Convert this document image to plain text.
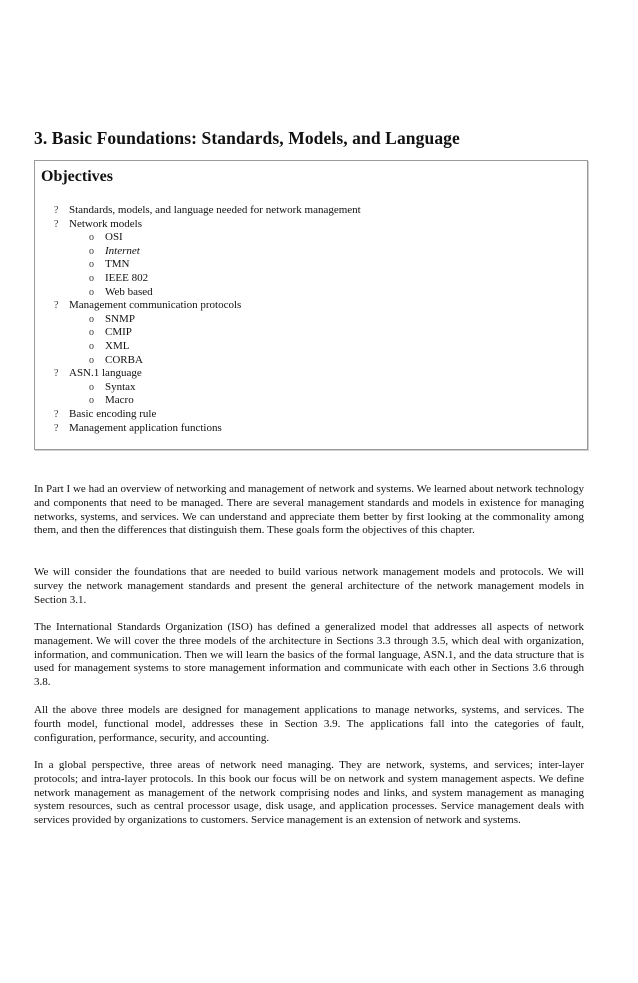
3. Basic Foundations: Standards, Models, and Language
Objectives
? Standards, models, and language needed for network management
? Network models
o OSI
o Internet
o TMN
o IEEE 802
o Web based
? Management communication protocols
o SNMP
o CMIP
o XML
o CORBA
? ASN.1 language
o Syntax
o Macro
? Basic encoding rule
? Management application functions

In Part I we had an overview of networking and management of network and systems. We learned about network technology and components that need to be managed. There are several management standards and models in existence for managing networks, systems, and services. We can understand and appreciate them better by first looking at the commonality among them, and then the differences that distinguish them. These goals form the objectives of this chapter.

We will consider the foundations that are needed to build various network management models and protocols. We will survey the network management standards and present the general architecture of the network management models in Section 3.1.

The International Standards Organization (ISO) has defined a generalized model that addresses all aspects of network management. We will cover the three models of the architecture in Sections 3.3 through 3.5, which deal with organization, information, and communication. Then we will learn the basics of the formal language, ASN.1, and the data structure that is used for management systems to store management information and communicate with each other in Sections 3.6 through 3.8.

All the above three models are designed for management applications to manage networks, systems, and services. The fourth model, functional model, addresses these in Section 3.9. The applications fall into the categories of fault, configuration, performance, security, and accounting.

In a global perspective, three areas of network need managing. They are network, systems, and services; inter-layer protocols; and intra-layer protocols. In this book our focus will be on network and system management aspects. We define network management as management of the network comprising nodes and links, and system management as managing system resources, such as central processor usage, disk usage, and application processes. Service management deals with services provided by organizations to customers. Service management is an extension of network and systems.
